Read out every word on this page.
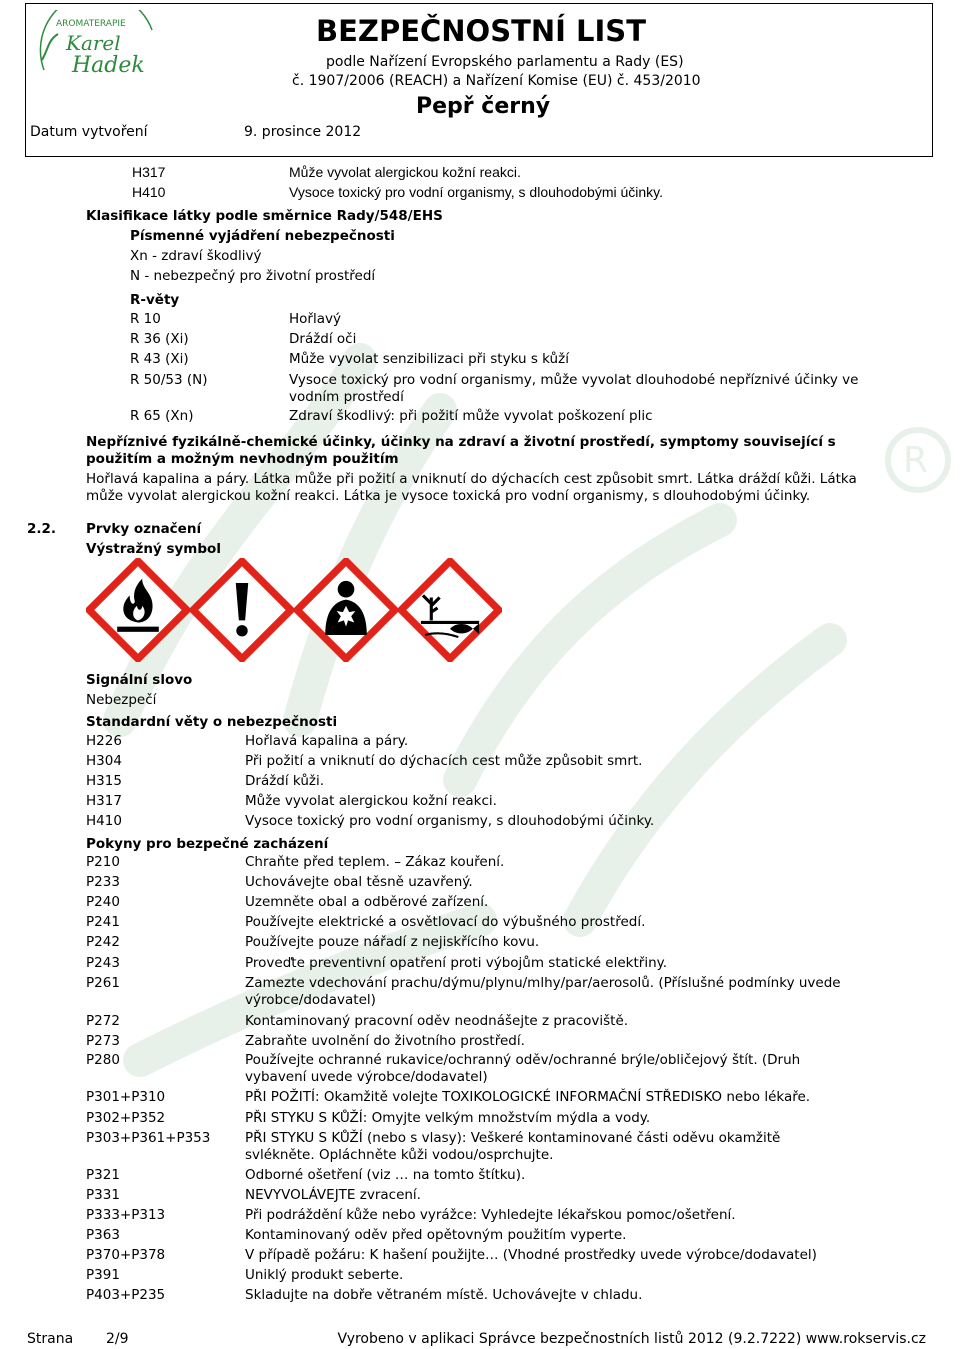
R
AROMATERAPIE
Karel
Hadek
BEZPEČNOSTNÍ LIST
podle Nařízení Evropského parlamentu a Rady (ES)
č. 1907/2006 (REACH) a Nařízení Komise (EU) č. 453/2010
Pepř černý
Datum vytvoření	9. prosince 2012
H317	Může vyvolat alergickou kožní reakci.
H410	Vysoce toxický pro vodní organismy, s dlouhodobými účinky.
Klasifikace látky podle směrnice Rady/548/EHS
Písmenné vyjádření nebezpečnosti
Xn - zdraví škodlivý
N - nebezpečný pro životní prostředí
R-věty
R 10	Hořlavý
R 36 (Xi)	Dráždí oči
R 43 (Xi)	Může vyvolat senzibilizaci při styku s kůží
R 50/53 (N)	Vysoce toxický pro vodní organismy, může vyvolat dlouhodobé nepříznivé účinky ve
vodním prostředí
R 65 (Xn)	Zdraví škodlivý: při požití může vyvolat poškození plic
Nepříznivé fyzikálně-chemické účinky, účinky na zdraví a životní prostředí, symptomy související s
použitím a možným nevhodným použitím
Hořlavá kapalina a páry. Látka může při požití a vniknutí do dýchacích cest způsobit smrt. Látka dráždí kůži. Látka
může vyvolat alergickou kožní reakci. Látka je vysoce toxická pro vodní organismy, s dlouhodobými účinky.
2.2. Prvky označení
Výstražný symbol
Signální slovo
Nebezpečí
Standardní věty o nebezpečnosti
H226	Hořlavá kapalina a páry.
H304	Při požití a vniknutí do dýchacích cest může způsobit smrt.
H315	Dráždí kůži.
H317	Může vyvolat alergickou kožní reakci.
H410	Vysoce toxický pro vodní organismy, s dlouhodobými účinky.
Pokyny pro bezpečné zacházení
P210	Chraňte před teplem. – Zákaz kouření.
P233	Uchovávejte obal těsně uzavřený.
P240	Uzemněte obal a odběrové zařízení.
P241	Používejte elektrické a osvětlovací do výbušného prostředí.
P242	Používejte pouze nářadí z nejiskřícího kovu.
P243	Proveďte preventivní opatření proti výbojům statické elektřiny.
P261	Zamezte vdechování prachu/dýmu/plynu/mlhy/par/aerosolů. (Příslušné podmínky uvede
výrobce/dodavatel)
P272	Kontaminovaný pracovní oděv neodnášejte z pracoviště.
P273	Zabraňte uvolnění do životního prostředí.
P280	Používejte ochranné rukavice/ochranný oděv/ochranné brýle/obličejový štít. (Druh
vybavení uvede výrobce/dodavatel)
P301+P310	PŘI POŽITÍ: Okamžitě volejte TOXIKOLOGICKÉ INFORMAČNÍ STŘEDISKO nebo lékaře.
P302+P352	PŘI STYKU S KŮŽÍ: Omyjte velkým množstvím mýdla a vody.
P303+P361+P353	PŘI STYKU S KŮŽÍ (nebo s vlasy): Veškeré kontaminované části oděvu okamžitě
svlékněte. Opláchněte kůži vodou/osprchujte.
P321	Odborné ošetření (viz … na tomto štítku).
P331	NEVYVOLÁVEJTE zvracení.
P333+P313	Při podráždění kůže nebo vyrážce: Vyhledejte lékařskou pomoc/ošetření.
P363	Kontaminovaný oděv před opětovným použitím vyperte.
P370+P378	V případě požáru: K hašení použijte… (Vhodné prostředky uvede výrobce/dodavatel)
P391	Uniklý produkt seberte.
P403+P235	Skladujte na dobře větraném místě. Uchovávejte v chladu.
Strana 2/9	Vyrobeno v aplikaci Správce bezpečnostních listů 2012 (9.2.7222) www.rokservis.cz
